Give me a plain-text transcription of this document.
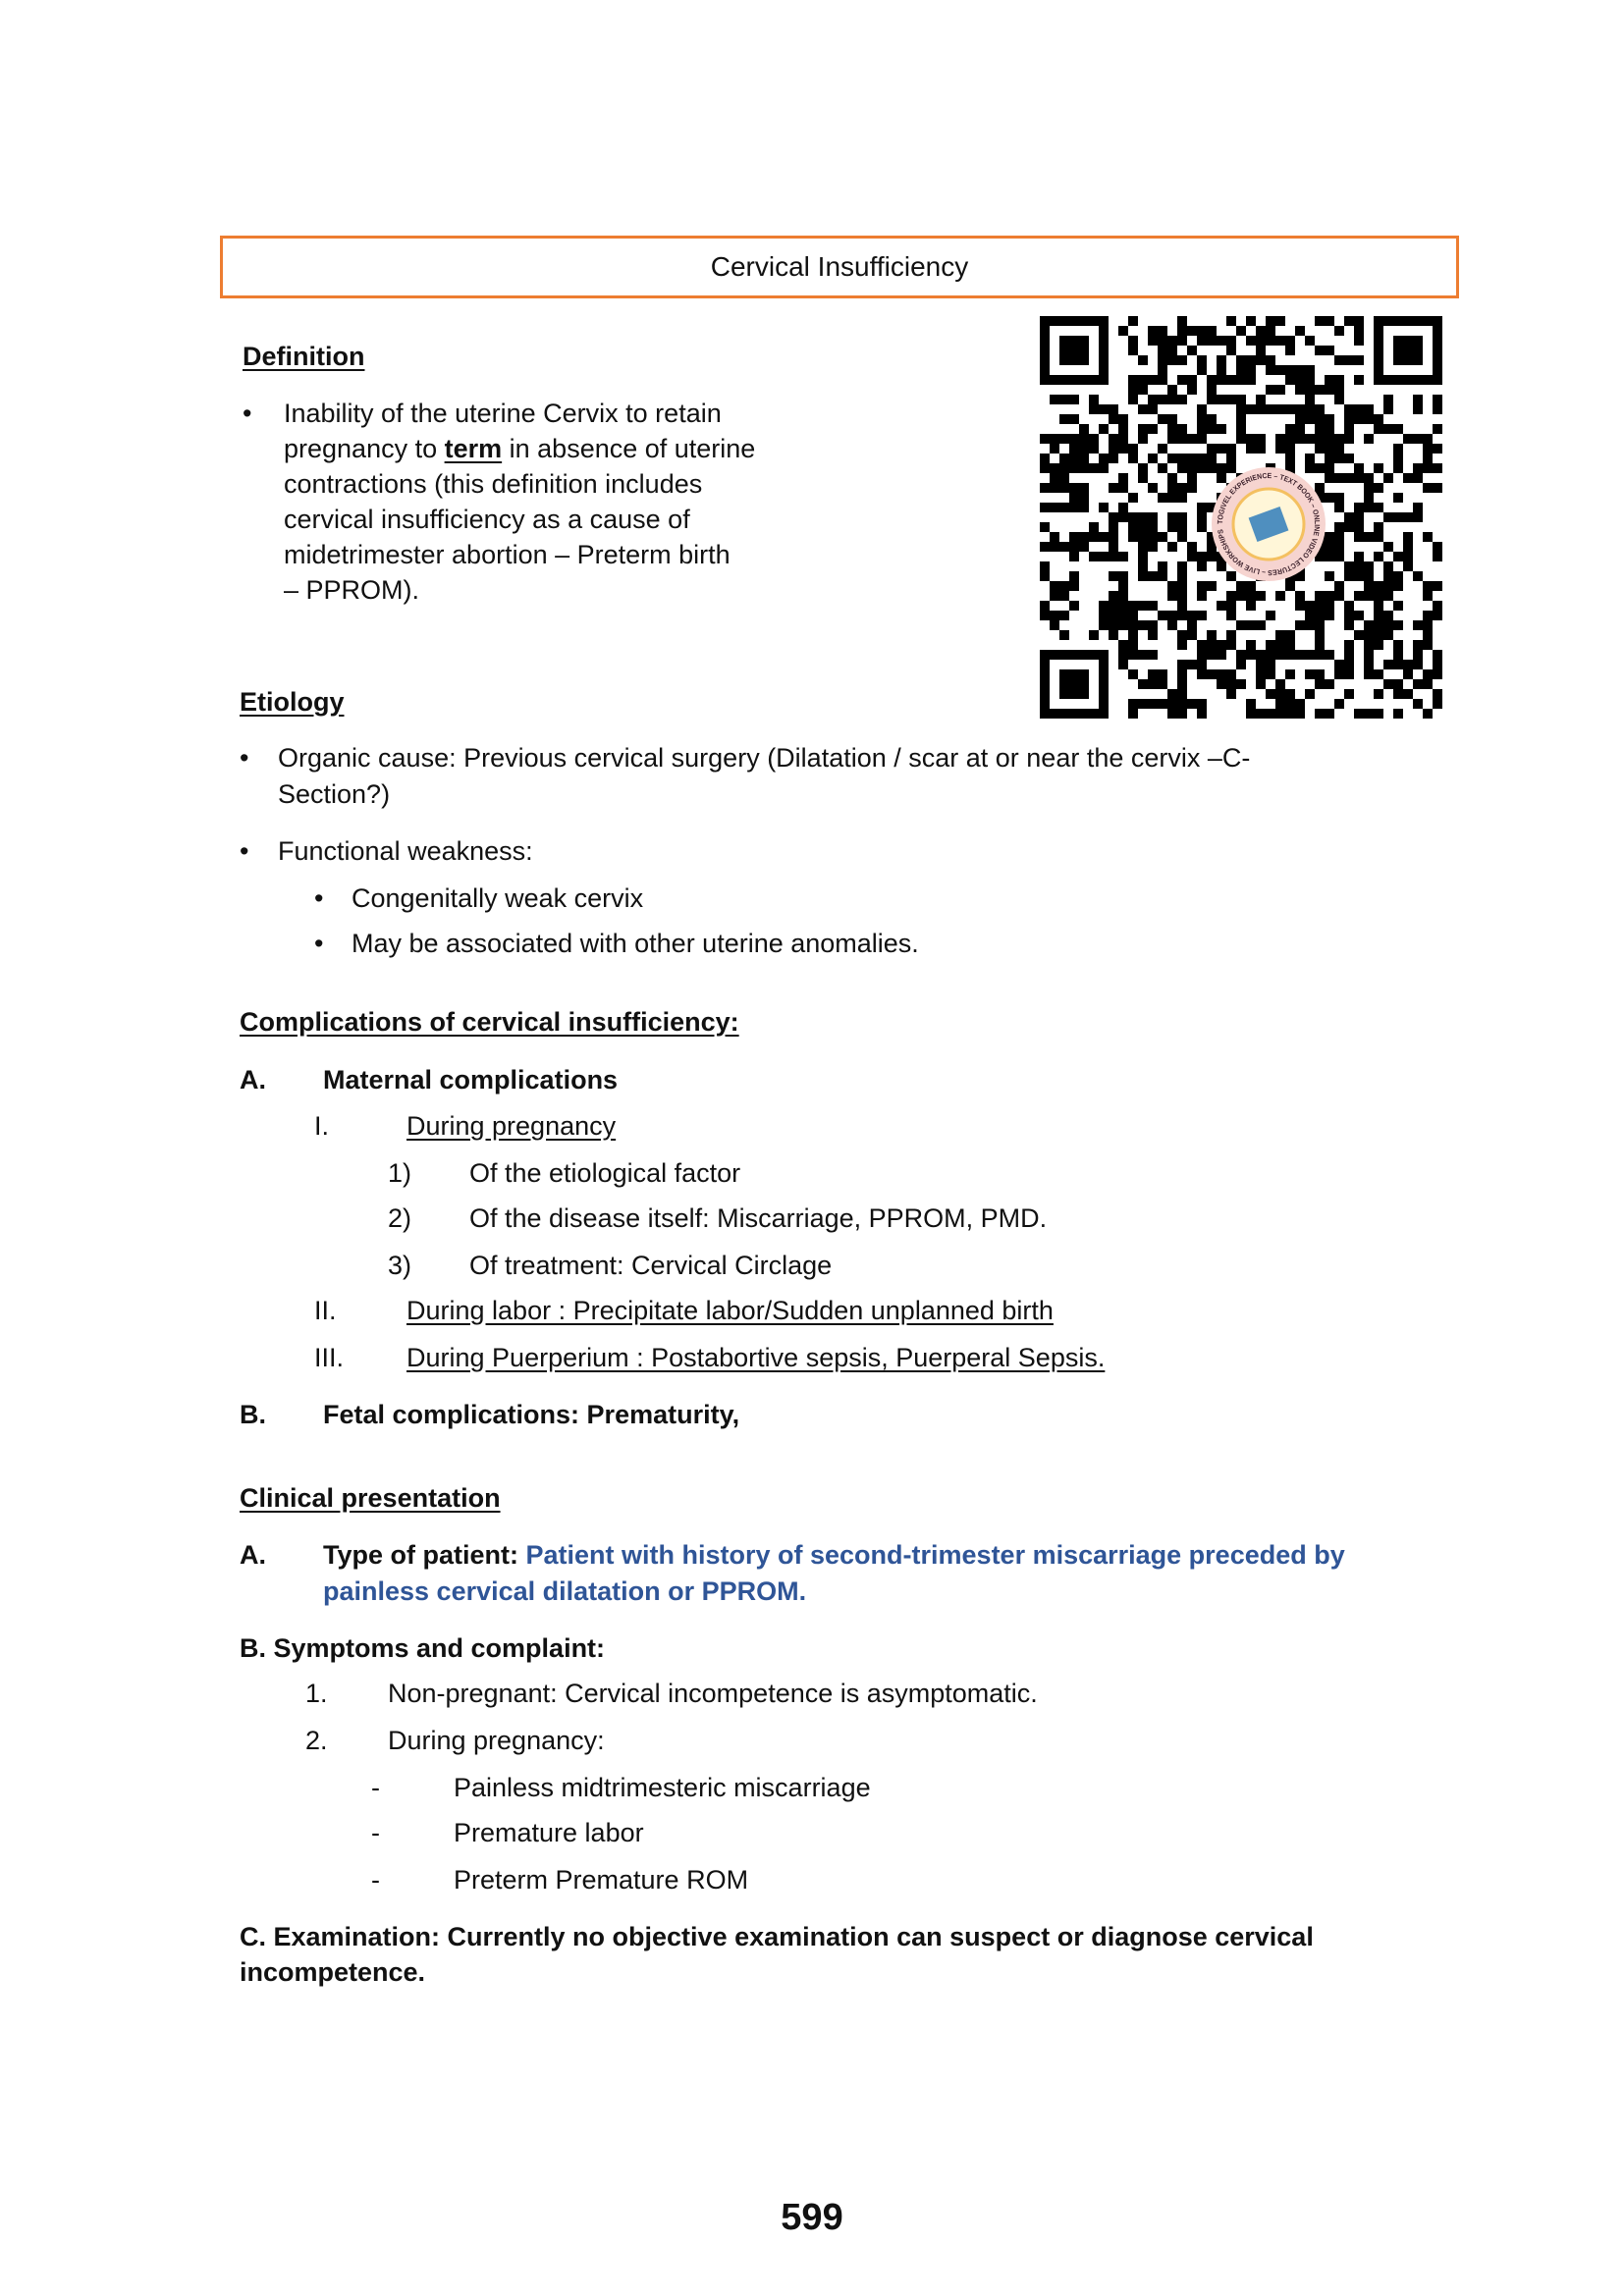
Cervical Insufficiency
TOGIVEL EXPERIENCE – TEXT BOOK – ONLINE VIDEO LECTURES – LIVE WORKSHIPS
Definition
• Inability of the uterine Cervix to retain
pregnancy to term in absence of uterine
contractions (this definition includes
cervical insufficiency as a cause of
midetrimester abortion – Preterm birth
– PPROM).
Etiology
• Organic cause: Previous cervical surgery (Dilatation / scar at or near the cervix –C-
Section?)
• Functional weakness:
• Congenitally weak cervix
• May be associated with other uterine anomalies.
Complications of cervical insufficiency:
A. Maternal complications
I.	During pregnancy
1) Of the etiological factor
2) Of the disease itself: Miscarriage, PPROM, PMD.
3) Of treatment: Cervical Circlage
II.	During labor : Precipitate labor/Sudden unplanned birth
III. During Puerperium : Postabortive sepsis, Puerperal Sepsis.
B. Fetal complications: Prematurity,
Clinical presentation
A. Type of patient: Patient with history of second-trimester miscarriage preceded by
painless cervical dilatation or PPROM.
B. Symptoms and complaint:
1. Non-pregnant: Cervical incompetence is asymptomatic.
2. During pregnancy:
-	Painless midtrimesteric miscarriage
-	Premature labor
-	Preterm Premature ROM
C. Examination: Currently no objective examination can suspect or diagnose cervical
incompetence.
599
